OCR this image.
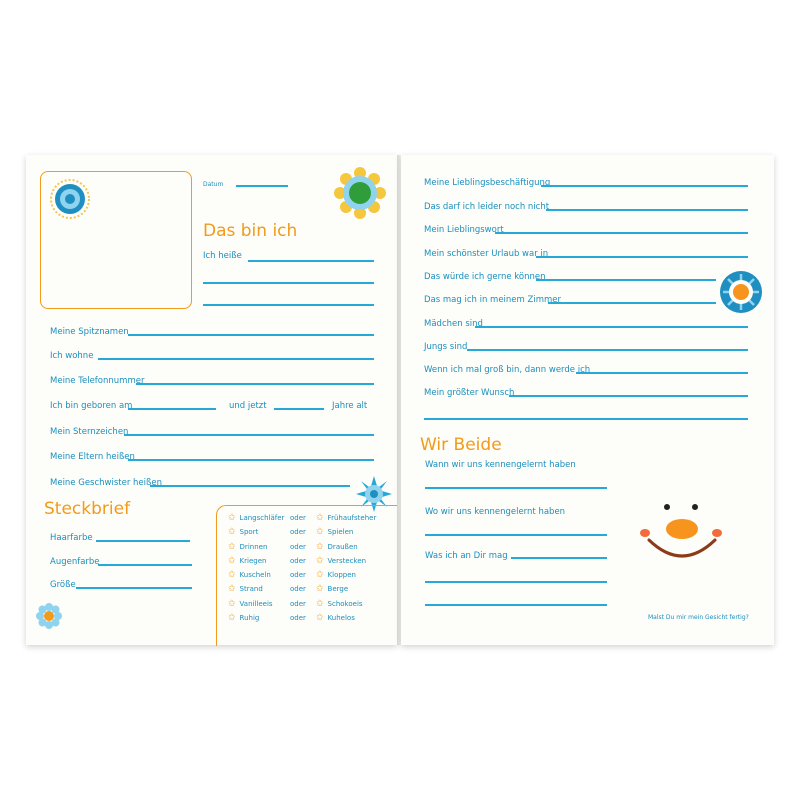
Datum
Das bin ich
Ich heiße
Meine Spitznamen
Ich wohne
Meine Telefonnummer
Ich bin geboren am	und jetzt	Jahre alt
Mein Sternzeichen
Meine Eltern heißen
Meine Geschwister heißen
Steckbrief
Haarfarbe
Augenfarbe
Größe
✩ Langschläfer
✩ Sport
✩ Drinnen
✩ Kriegen
✩ Kuscheln
✩ Strand
✩ Vanilleeis
✩ Ruhig
oder
oder
oder
oder
oder
oder
oder
oder
✩ Frühaufsteher
✩ Spielen
✩ Draußen
✩ Verstecken
✩ Kloppen
✩ Berge
✩ Schokoeis
✩ Kuhelos
Meine Lieblingsbeschäftigung
Das darf ich leider noch nicht
Mein Lieblingswort
Mein schönster Urlaub war in
Das würde ich gerne können
Das mag ich in meinem Zimmer
Mädchen sind
Jungs sind
Wenn ich mal groß bin, dann werde ich
Mein größter Wunsch
Wir Beide
Wann wir uns kennengelernt haben
Wo wir uns kennengelernt haben
Was ich an Dir mag
Malst Du mir mein Gesicht fertig?
